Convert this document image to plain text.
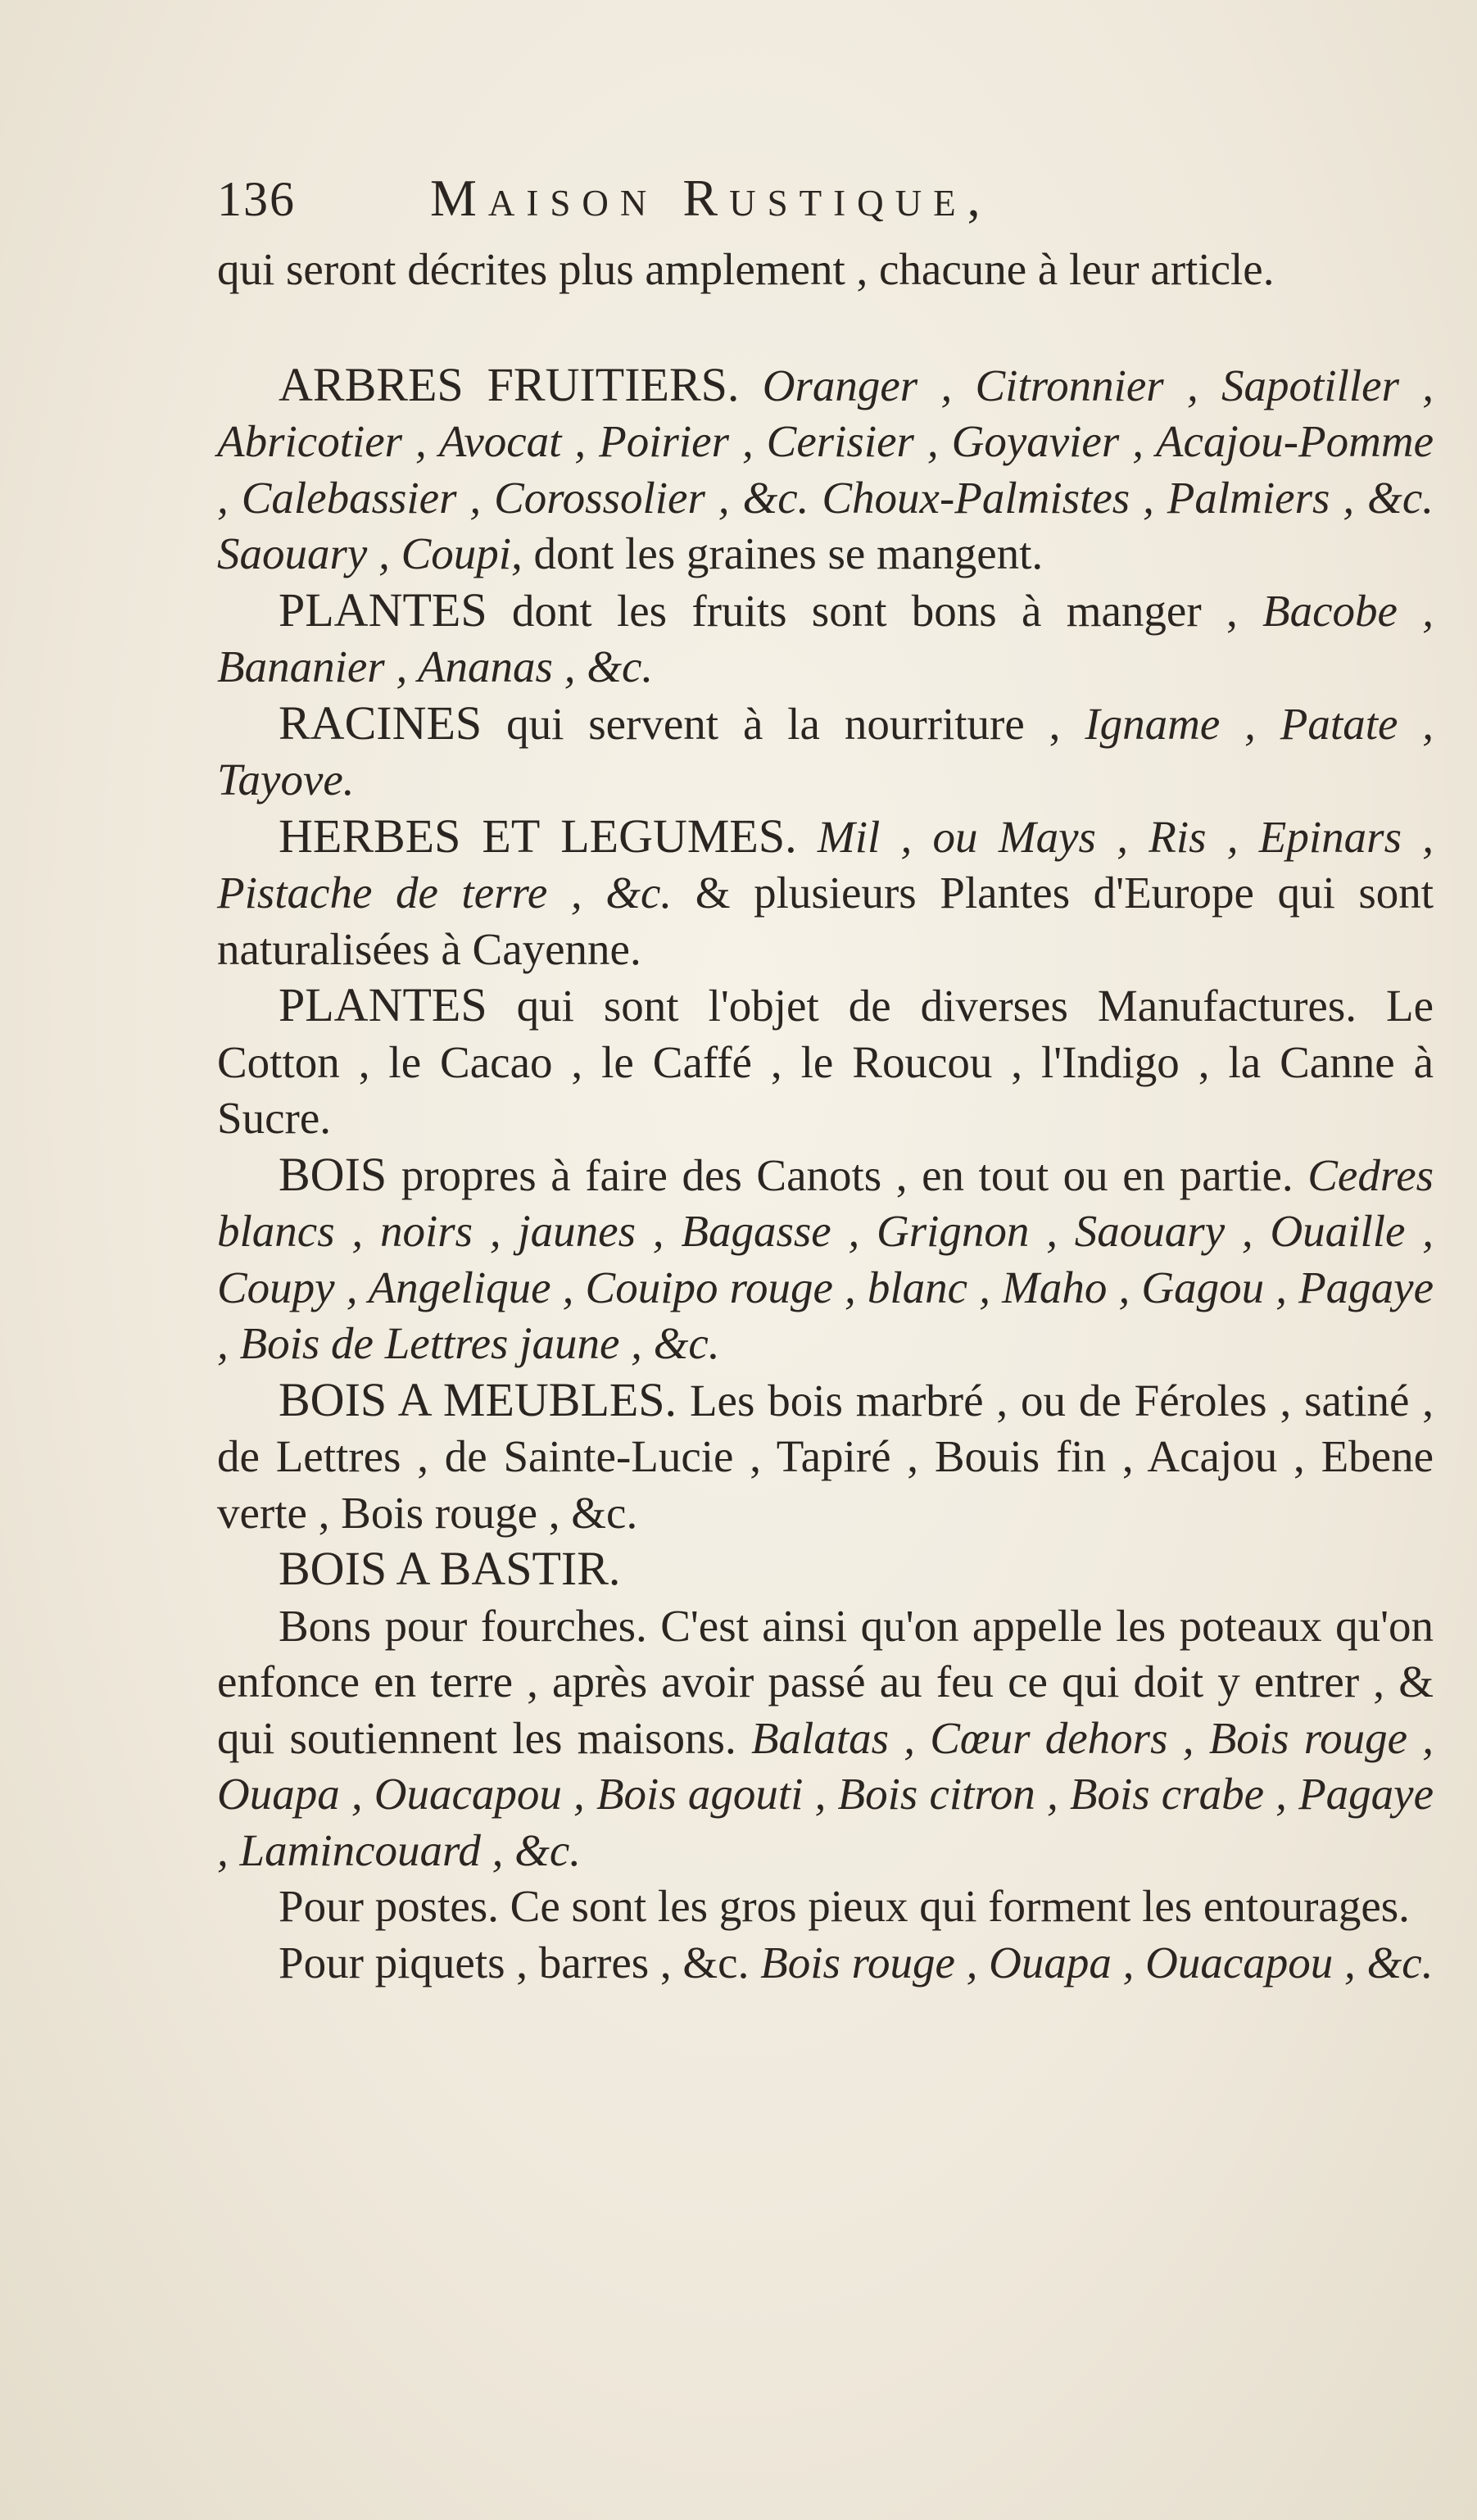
136	Maison Rustique,

qui seront décrites plus amplement , chacune à leur article.

ARBRES FRUITIERS. Oranger , Citronnier , Sapotiller , Abricotier , Avocat , Poirier , Cerisier , Goyavier , Acajou-Pomme , Calebassier , Corossolier , &c. Choux-Palmistes , Palmiers , &c. Saouary , Coupi, dont les graines se mangent.

PLANTES dont les fruits sont bons à manger , Bacobe , Bananier , Ananas , &c.

RACINES qui servent à la nourriture , Igname , Patate , Tayove.

HERBES ET LEGUMES. Mil , ou Mays , Ris , Epinars , Pistache de terre , &c. & plusieurs Plantes d'Europe qui sont naturalisées à Cayenne.

PLANTES qui sont l'objet de diverses Manufactures. Le Cotton , le Cacao , le Caffé , le Roucou , l'Indigo , la Canne à Sucre.

BOIS propres à faire des Canots , en tout ou en partie. Cedres blancs , noirs , jaunes , Bagasse , Grignon , Saouary , Ouaille , Coupy , Angelique , Couipo rouge , blanc , Maho , Gagou , Pagaye , Bois de Lettres jaune , &c.

BOIS A MEUBLES. Les bois marbré , ou de Féroles , satiné , de Lettres , de Sainte-Lucie , Tapiré , Bouis fin , Acajou , Ebene verte , Bois rouge , &c.

BOIS A BASTIR.

Bons pour fourches. C'est ainsi qu'on appelle les poteaux qu'on enfonce en terre , après avoir passé au feu ce qui doit y entrer , & qui soutiennent les maisons. Balatas , Cœur dehors , Bois rouge , Ouapa , Ouacapou , Bois agouti , Bois citron , Bois crabe , Pagaye , Lamincouard , &c.

Pour postes. Ce sont les gros pieux qui forment les entourages.

Pour piquets , barres , &c. Bois rouge , Ouapa , Ouacapou , &c.
